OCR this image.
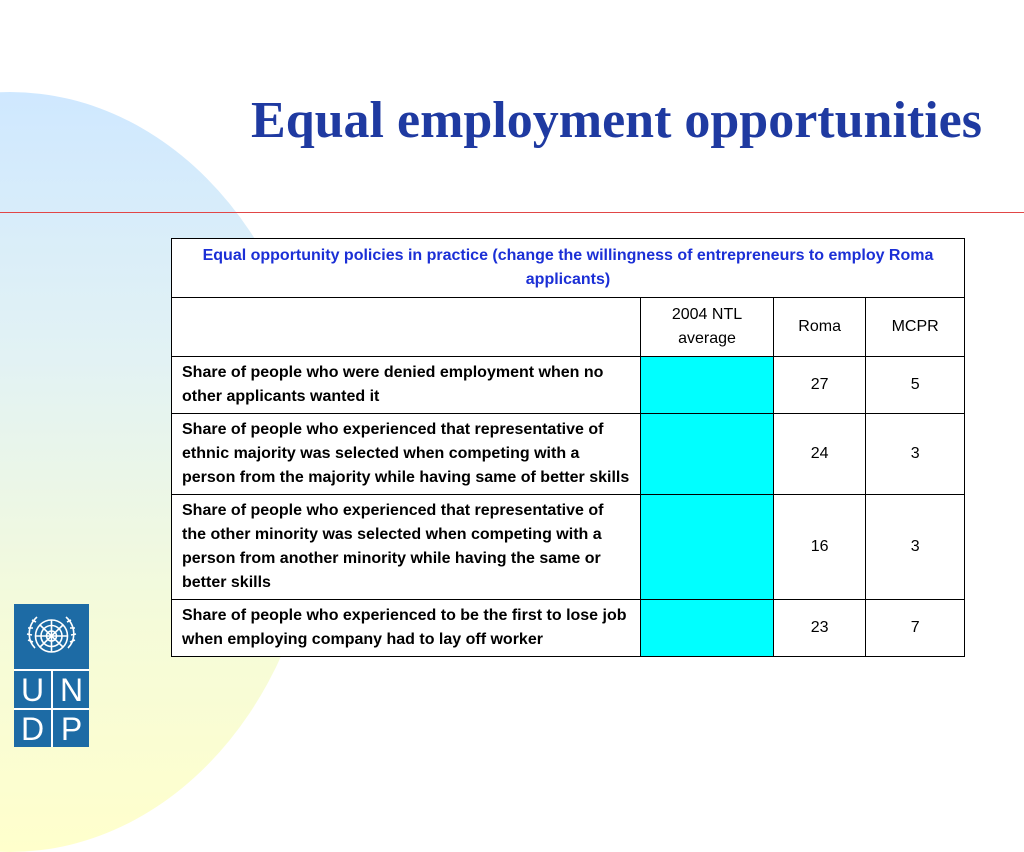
Equal employment opportunities
Equal opportunity policies in practice (change the willingness of entrepreneurs to employ Roma applicants)			
	2004 NTL average	Roma	MCPR
Share of people who were denied employment when no other applicants wanted it		27	5
Share of people who experienced that representative of ethnic majority was selected when competing with a person from the majority while having same of better skills		24	3
Share of people who experienced that representative of the other minority was selected when competing with a person from another minority while having the same or better skills		16	3
Share of people who experienced to be the first to lose job when employing company had to lay off worker		23	7
U N
D P
